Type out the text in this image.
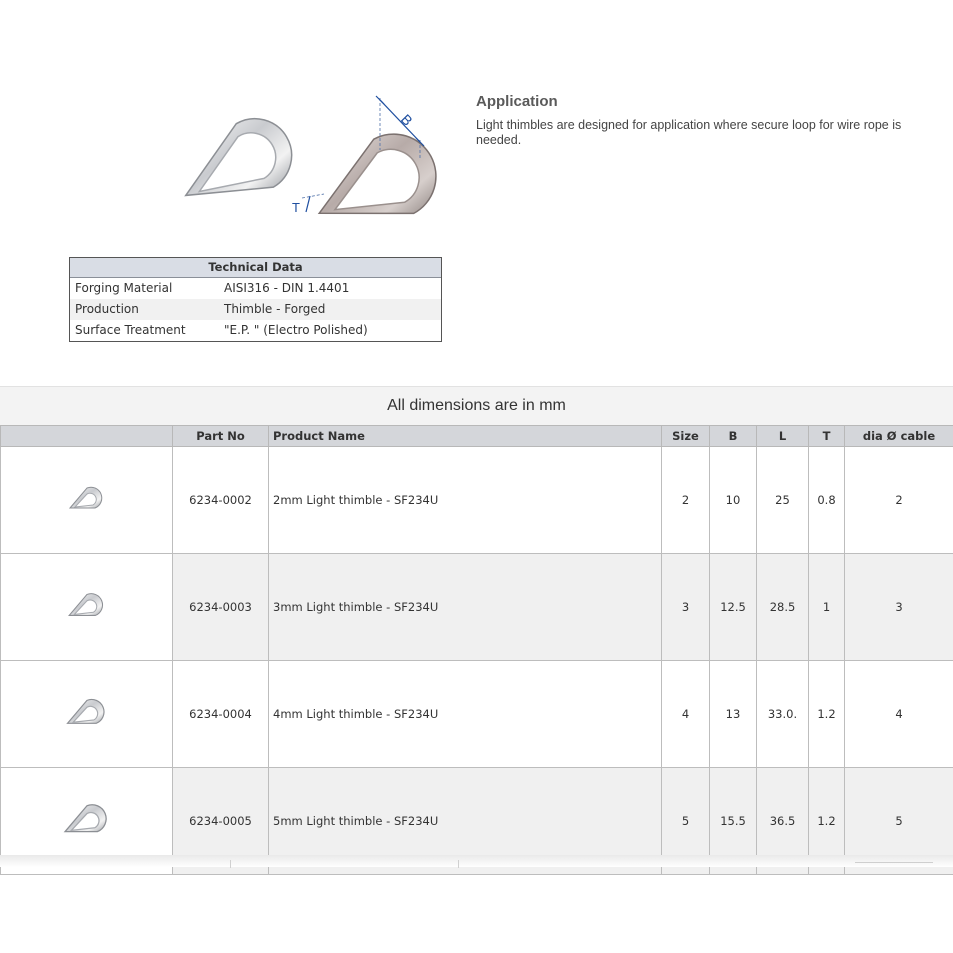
B
T
Application
Light thimbles are designed for application where secure loop for wire rope is needed.
Technical Data
Forging Material	AISI316 - DIN 1.4401
Production	Thimble - Forged
Surface Treatment	"E.P. " (Electro Polished)
All dimensions are in mm
	Part No	Product Name	Size	B	L	T	dia Ø cable
	6234-0002	2mm Light thimble - SF234U	2	10	25	0.8	2
	6234-0003	3mm Light thimble - SF234U	3	12.5	28.5	1	3
	6234-0004	4mm Light thimble - SF234U	4	13	33.0.	1.2	4
	6234-0005	5mm Light thimble - SF234U	5	15.5	36.5	1.2	5
